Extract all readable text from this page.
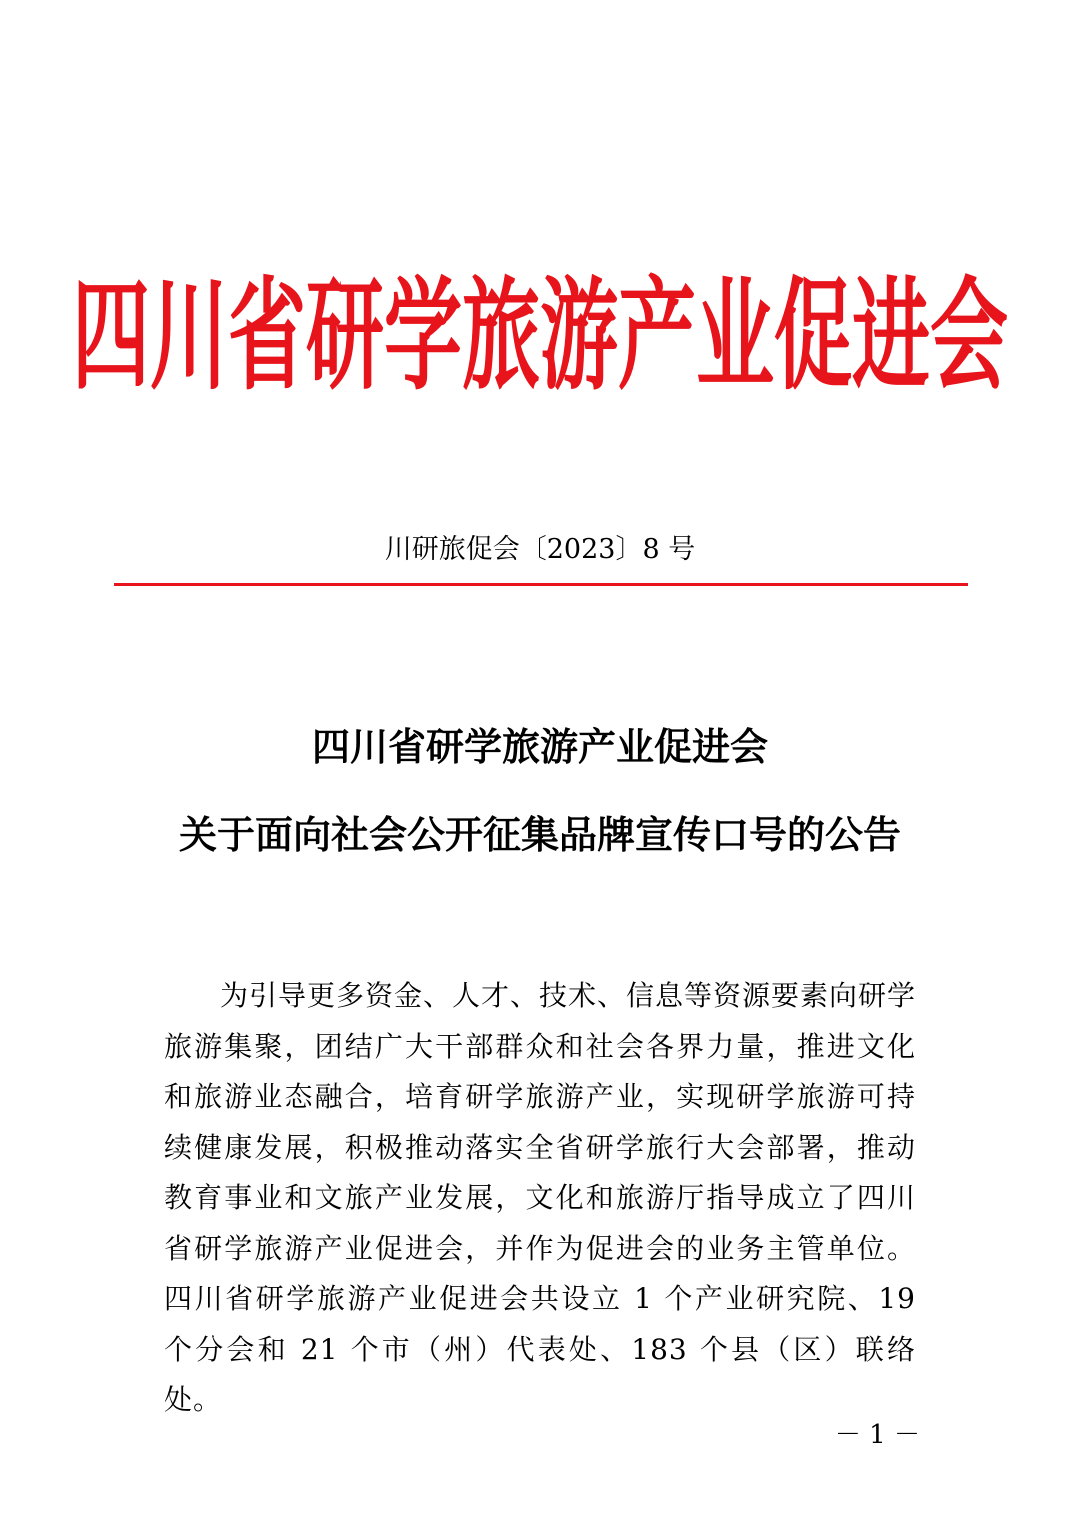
四川省研学旅游产业促进会
川研旅促会〔2023〕8 号
四川省研学旅游产业促进会
关于面向社会公开征集品牌宣传口号的公告

为引导更多资金、人才、技术、信息等资源要素向研学旅游集聚，团结广大干部群众和社会各界力量，推进文化和旅游业态融合，培育研学旅游产业，实现研学旅游可持续健康发展，积极推动落实全省研学旅行大会部署，推动教育事业和文旅产业发展，文化和旅游厅指导成立了四川省研学旅游产业促进会，并作为促进会的业务主管单位。四川省研学旅游产业促进会共设立 1 个产业研究院、19 个分会和 21 个市（州）代表处、183 个县（区）联络处。

－ 1 －
